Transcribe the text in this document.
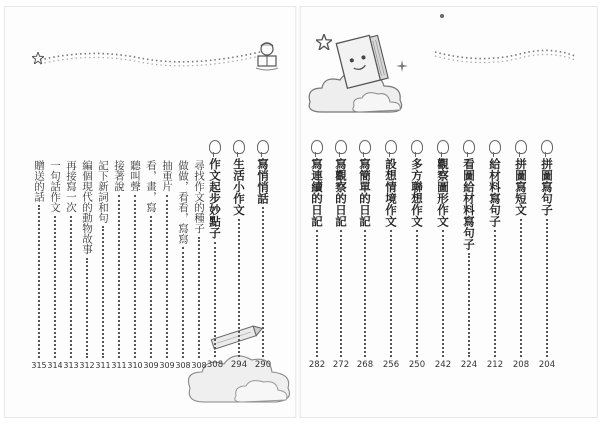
作文起步妙點子
308
生活小作文
294
寫悄悄話
290
尋找作文的種子
308
做做，看看，寫寫
308
抽重片
309
看，畫，寫
309
聽叫聲
310
接著說
311
記下新詞和句
311
編個現代的動物故事
312
再接寫一次
313
一句話作文
314
贈送的話
315
拼圖寫句子
204
拼圖寫短文
208
給材料寫句子
212
看圖給材料寫句子
224
觀察圖形作文
242
多方聯想作文
250
設想情境作文
256
寫簡單的日記
268
寫觀察的日記
272
寫連續的日記
282
